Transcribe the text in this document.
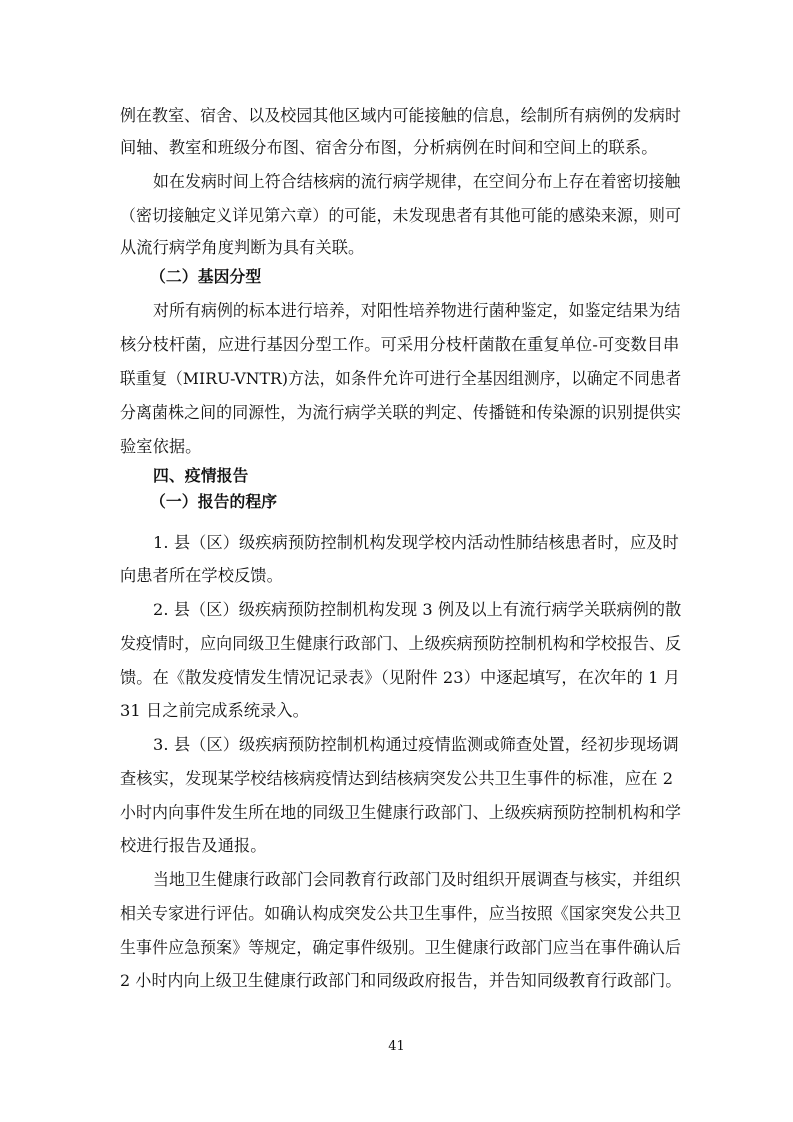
例在教室、宿舍、以及校园其他区域内可能接触的信息，绘制所有病例的发病时
间轴、教室和班级分布图、宿舍分布图，分析病例在时间和空间上的联系。
如在发病时间上符合结核病的流行病学规律，在空间分布上存在着密切接触
（密切接触定义详见第六章）的可能，未发现患者有其他可能的感染来源，则可
从流行病学角度判断为具有关联。
（二）基因分型
对所有病例的标本进行培养，对阳性培养物进行菌种鉴定，如鉴定结果为结
核分枝杆菌，应进行基因分型工作。可采用分枝杆菌散在重复单位-可变数目串
联重复（MIRU-VNTR)方法，如条件允许可进行全基因组测序，以确定不同患者
分离菌株之间的同源性，为流行病学关联的判定、传播链和传染源的识别提供实
验室依据。
四、疫情报告
（一）报告的程序
1. 县（区）级疾病预防控制机构发现学校内活动性肺结核患者时，应及时
向患者所在学校反馈。
2. 县（区）级疾病预防控制机构发现 3 例及以上有流行病学关联病例的散
发疫情时，应向同级卫生健康行政部门、上级疾病预防控制机构和学校报告、反
馈。在《散发疫情发生情况记录表》（见附件 23）中逐起填写，在次年的 1 月
31 日之前完成系统录入。
3. 县（区）级疾病预防控制机构通过疫情监测或筛查处置，经初步现场调
查核实，发现某学校结核病疫情达到结核病突发公共卫生事件的标准，应在 2
小时内向事件发生所在地的同级卫生健康行政部门、上级疾病预防控制机构和学
校进行报告及通报。
当地卫生健康行政部门会同教育行政部门及时组织开展调查与核实，并组织
相关专家进行评估。如确认构成突发公共卫生事件，应当按照《国家突发公共卫
生事件应急预案》等规定，确定事件级别。卫生健康行政部门应当在事件确认后
2 小时内向上级卫生健康行政部门和同级政府报告，并告知同级教育行政部门。
41
